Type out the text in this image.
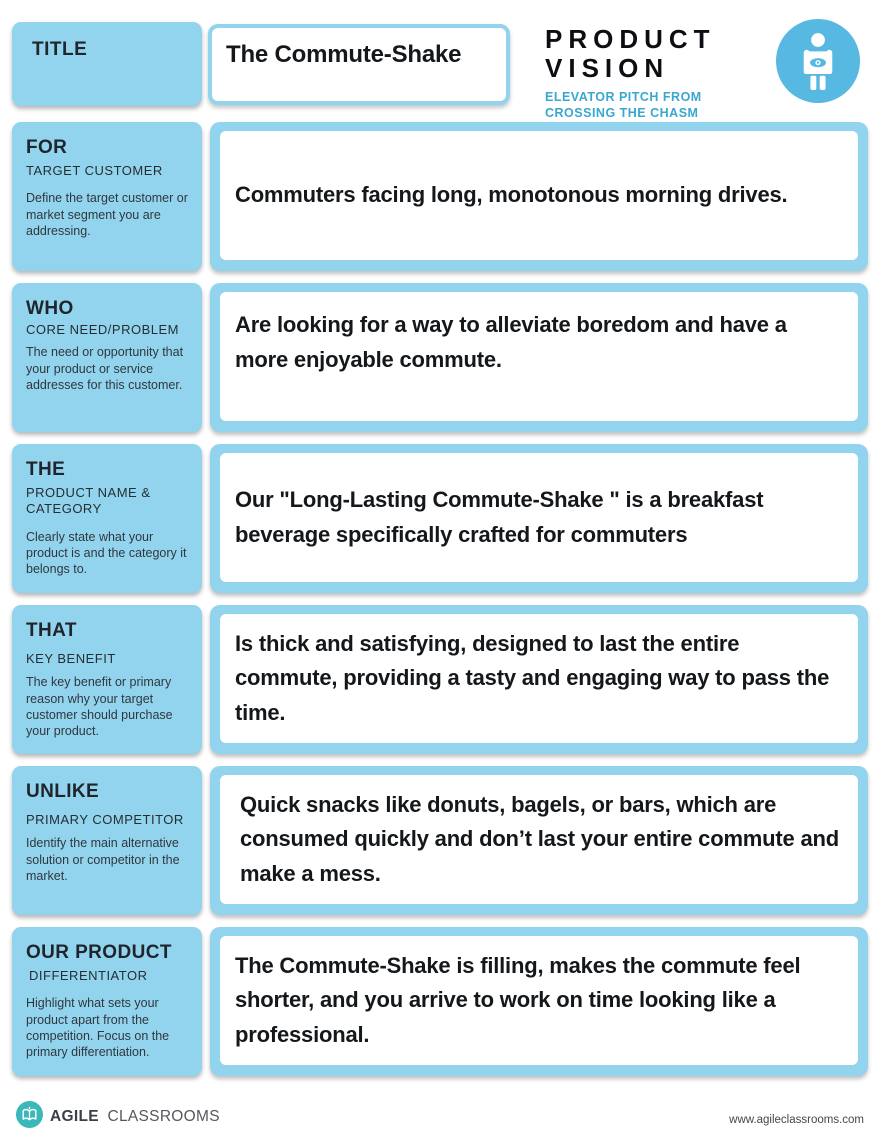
TITLE	The Commute-Shake
PRODUCT
VISION
ELEVATOR PITCH FROM
CROSSING THE CHASM
FOR
TARGET CUSTOMER
Define the target customer or market segment you are addressing.
Commuters facing long, monotonous morning drives.
WHO
CORE NEED/PROBLEM
The need or opportunity that your product or service addresses for this customer.
Are looking for a way to alleviate boredom and have a more enjoyable commute.
THE
PRODUCT NAME & CATEGORY
Clearly state what your product is and the category it belongs to.
Our "Long-Lasting Commute-Shake " is a breakfast beverage specifically crafted for commuters
THAT
KEY BENEFIT
The key benefit or primary reason why your target customer should purchase your product.
Is thick and satisfying, designed to last the entire commute, providing a tasty and engaging way to pass the time.
UNLIKE
PRIMARY COMPETITOR
Identify the main alternative solution or competitor in the market.
Quick snacks like donuts, bagels, or bars, which are consumed quickly and don’t last your entire commute and make a mess.
OUR PRODUCT
DIFFERENTIATOR
Highlight what sets your product apart from the competition. Focus on the primary differentiation.
The Commute-Shake is filling, makes the commute feel shorter, and you arrive to work on time looking like a professional.
AGILE CLASSROOMS	www.agileclassrooms.com
